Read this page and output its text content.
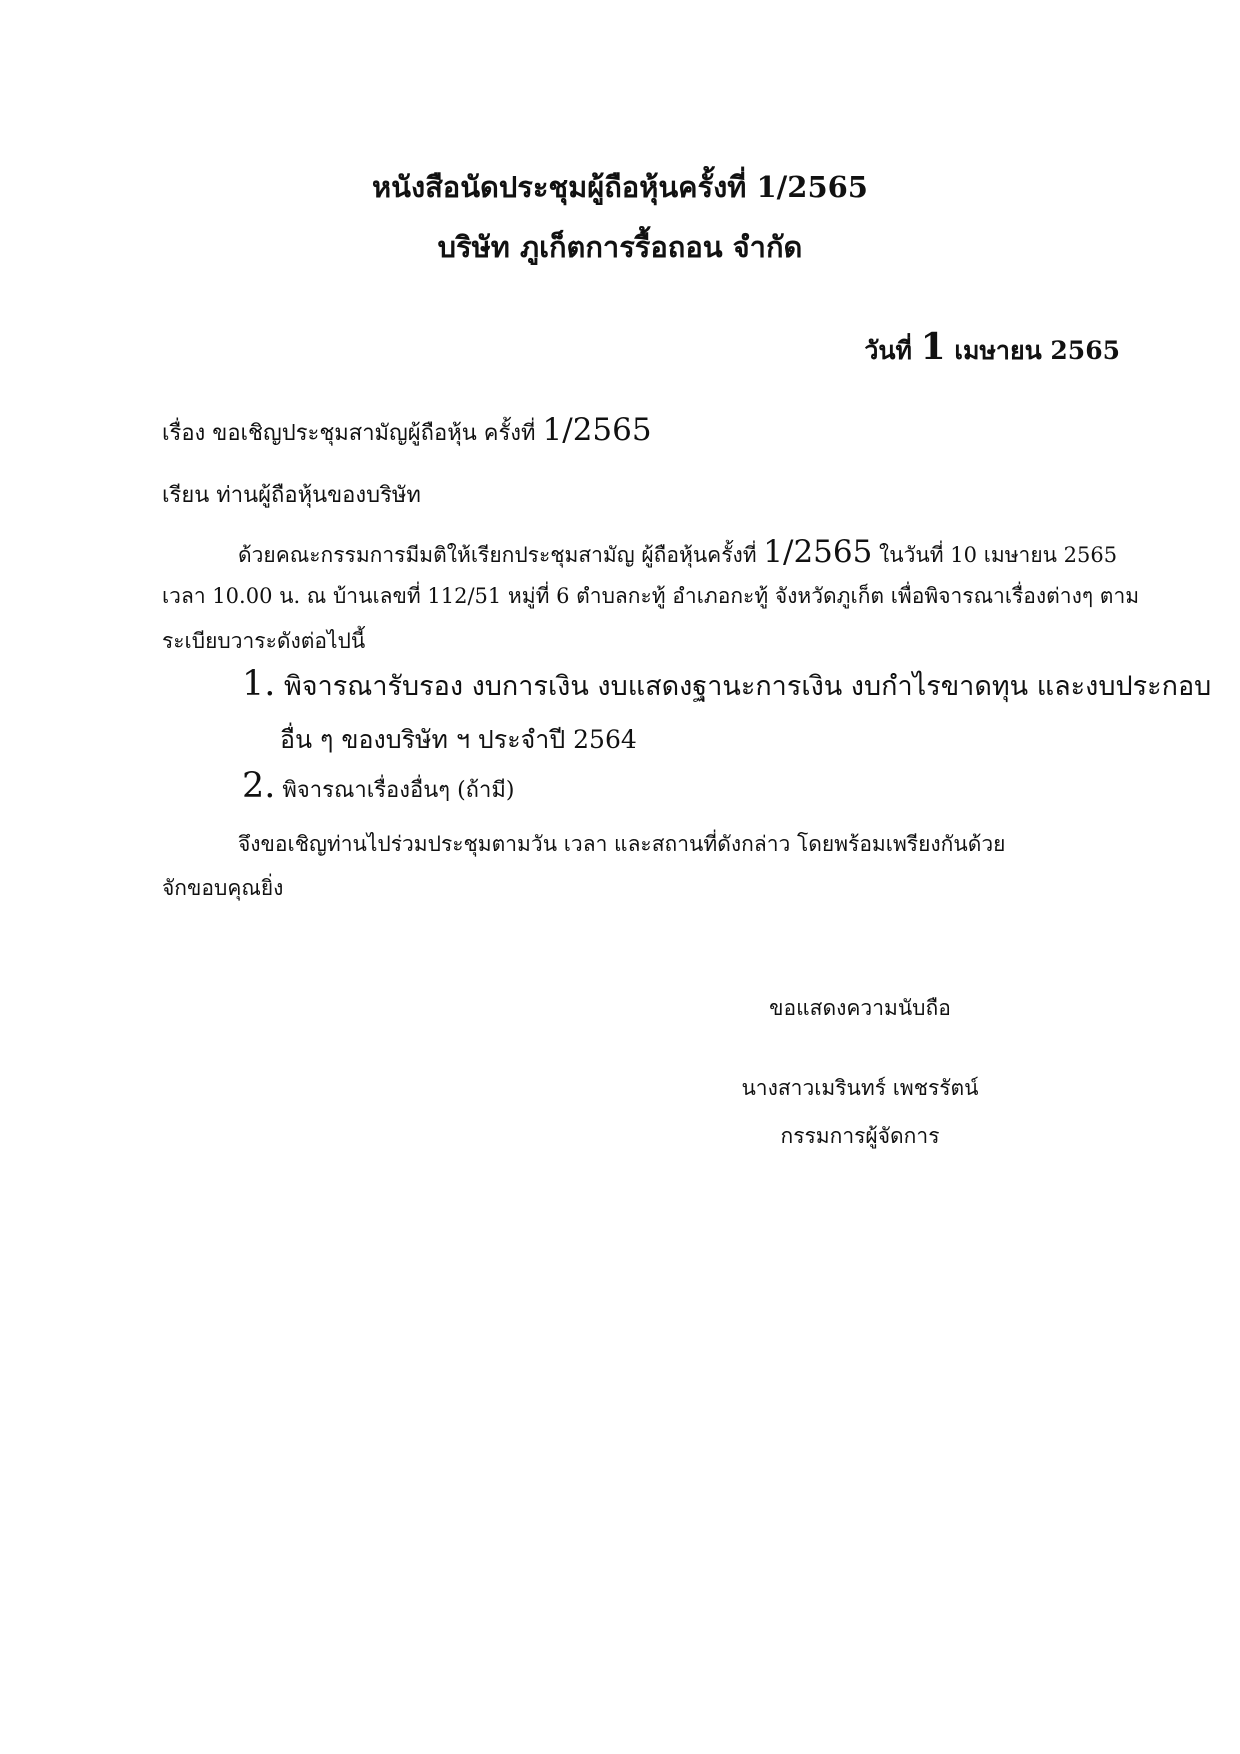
หนังสือนัดประชุมผู้ถือหุ้นครั้งที่ 1/2565
บริษัท ภูเก็ตการรื้อถอน จำกัด
วันที่ 1 เมษายน 2565
เรื่อง ขอเชิญประชุมสามัญผู้ถือหุ้น ครั้งที่ 1/2565
เรียน ท่านผู้ถือหุ้นของบริษัท
ด้วยคณะกรรมการมีมติให้เรียกประชุมสามัญ ผู้ถือหุ้นครั้งที่ 1/2565 ในวันที่ 10 เมษายน 2565
เวลา 10.00 น. ณ บ้านเลขที่ 112/51 หมู่ที่ 6 ตำบลกะทู้ อำเภอกะทู้ จังหวัดภูเก็ต เพื่อพิจารณาเรื่องต่างๆ ตาม
ระเบียบวาระดังต่อไปนี้
1. พิจารณารับรอง งบการเงิน งบแสดงฐานะการเงิน งบกำไรขาดทุน และงบประกอบ
อื่น ๆ ของบริษัท ฯ ประจำปี 2564
2. พิจารณาเรื่องอื่นๆ (ถ้ามี)
จึงขอเชิญท่านไปร่วมประชุมตามวัน เวลา และสถานที่ดังกล่าว โดยพร้อมเพรียงกันด้วย
จักขอบคุณยิ่ง
ขอแสดงความนับถือ
นางสาวเมรินทร์ เพชรรัตน์
กรรมการผู้จัดการ
